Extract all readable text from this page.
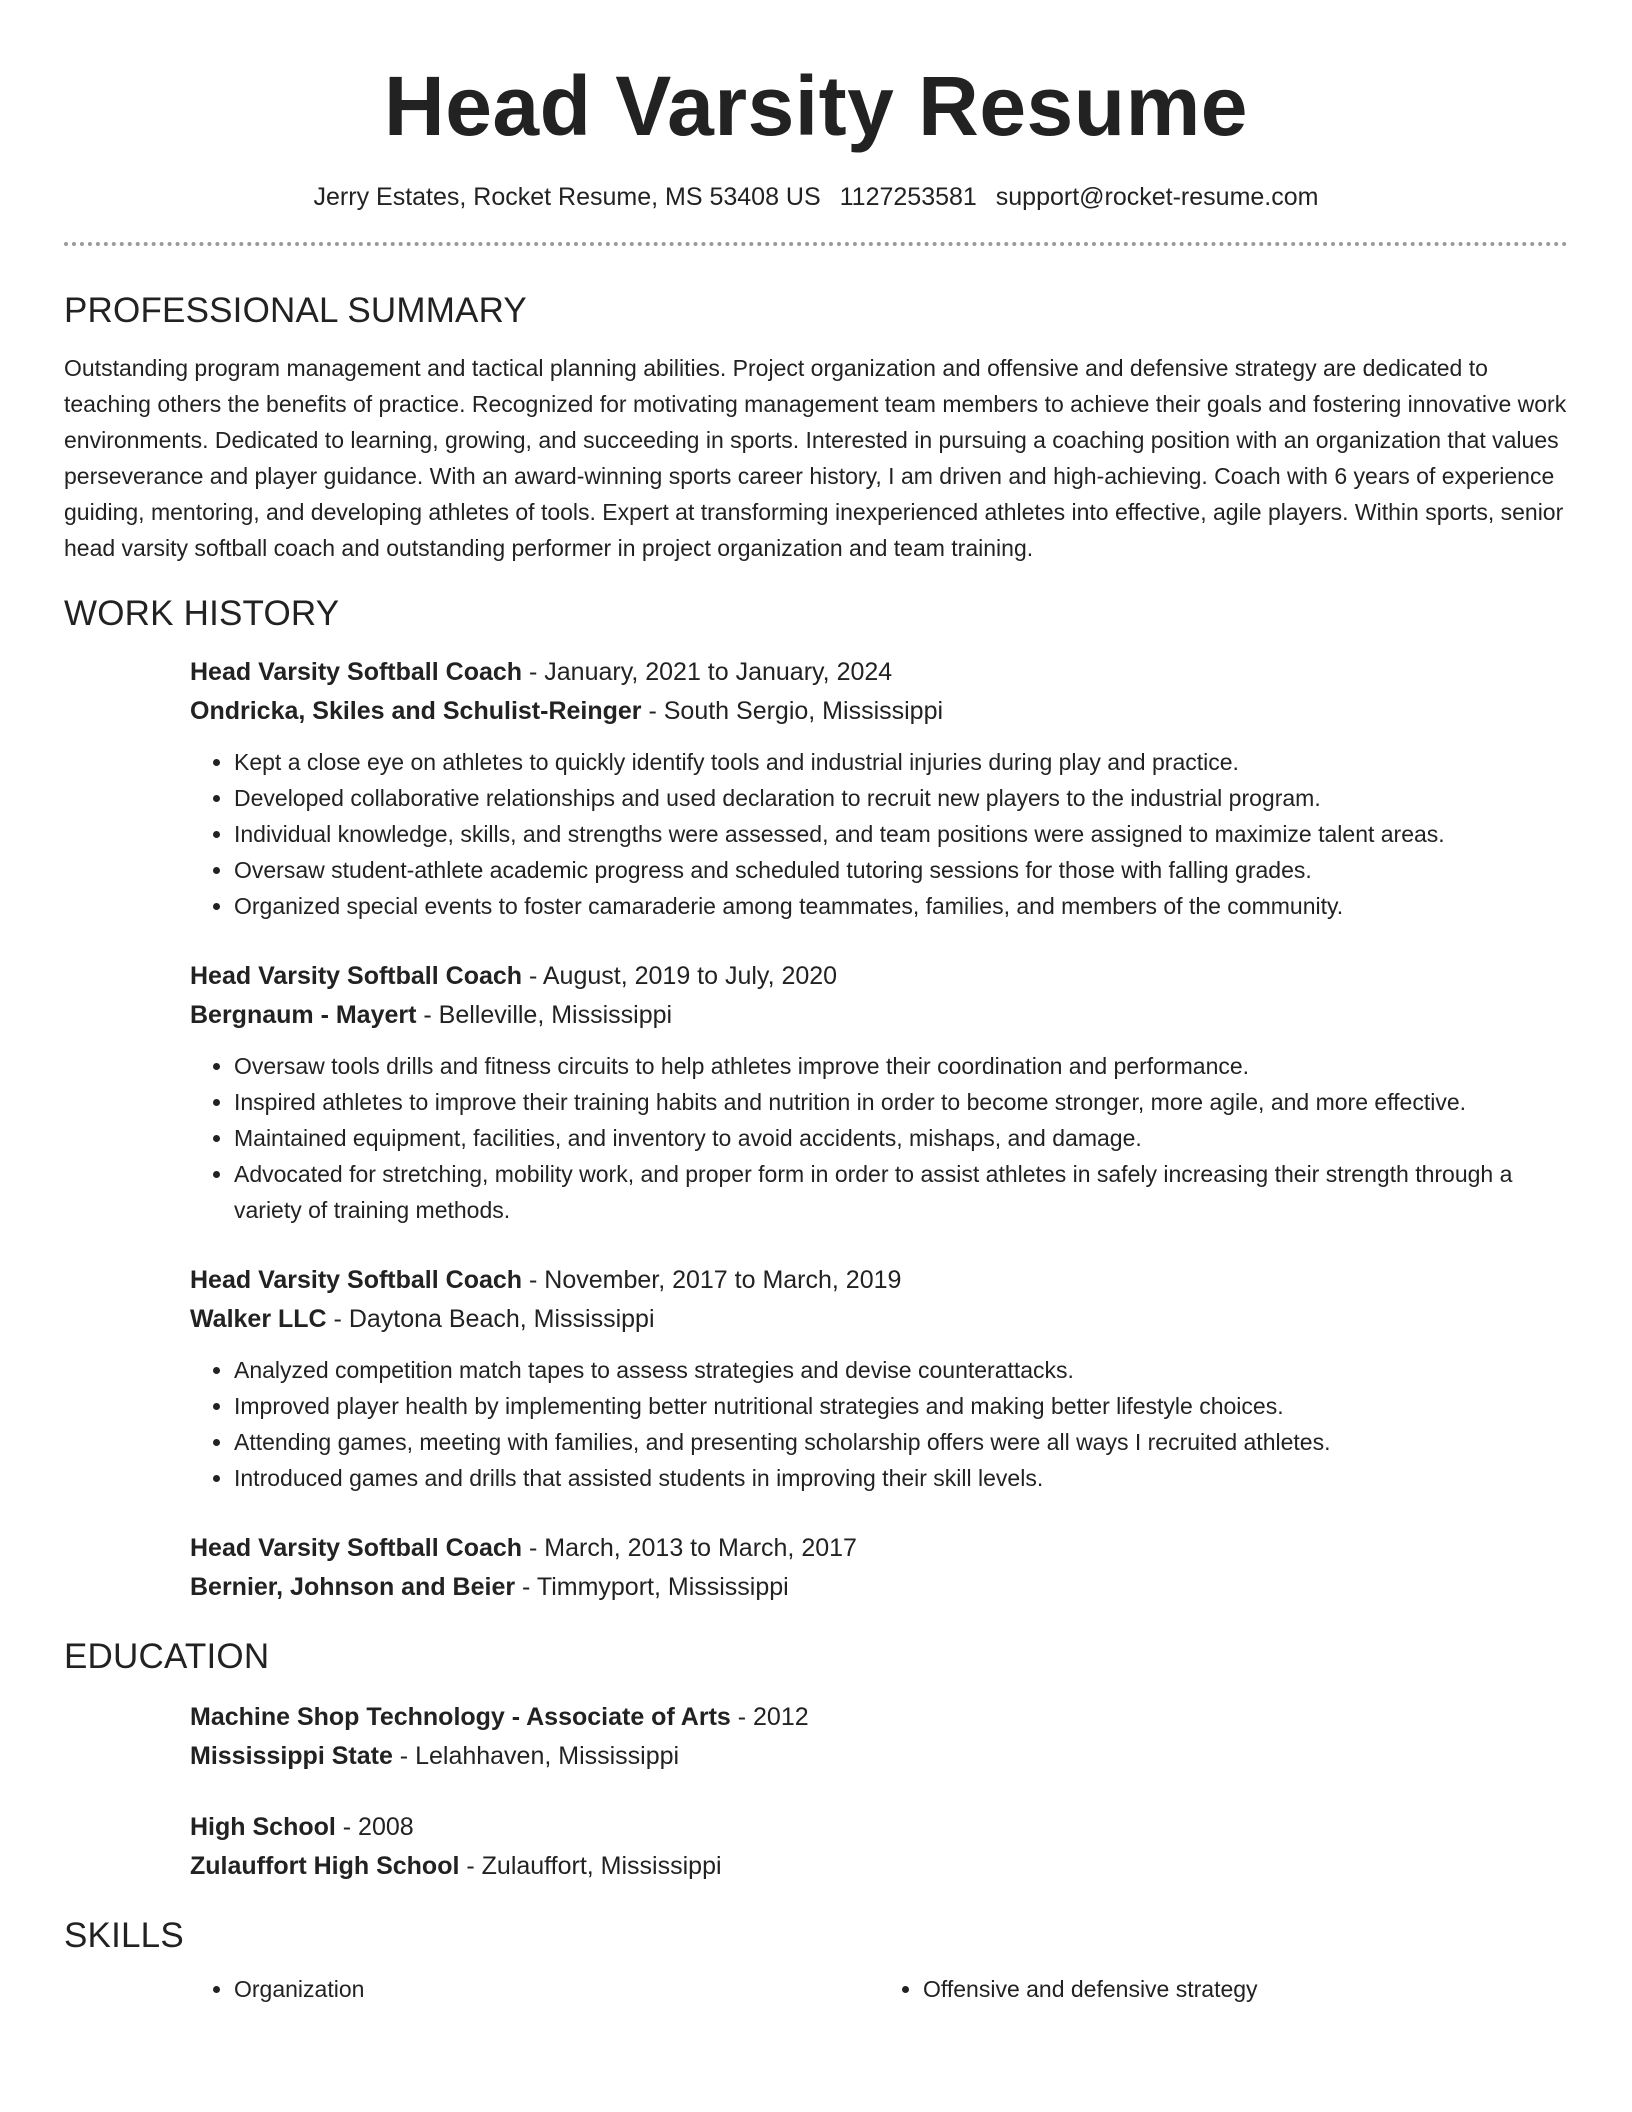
Head Varsity Resume
Jerry Estates, Rocket Resume, MS 53408 US 1127253581 support@rocket-resume.com
PROFESSIONAL SUMMARY

Outstanding program management and tactical planning abilities. Project organization and offensive and defensive strategy are dedicated to teaching others the benefits of practice. Recognized for motivating management team members to achieve their goals and fostering innovative work environments. Dedicated to learning, growing, and succeeding in sports. Interested in pursuing a coaching position with an organization that values perseverance and player guidance. With an award-winning sports career history, I am driven and high-achieving. Coach with 6 years of experience guiding, mentoring, and developing athletes of tools. Expert at transforming inexperienced athletes into effective, agile players. Within sports, senior head varsity softball coach and outstanding performer in project organization and team training.

WORK HISTORY
Head Varsity Softball Coach - January, 2021 to January, 2024
Ondricka, Skiles and Schulist-Reinger - South Sergio, Mississippi
• Kept a close eye on athletes to quickly identify tools and industrial injuries during play and practice.
• Developed collaborative relationships and used declaration to recruit new players to the industrial program.
• Individual knowledge, skills, and strengths were assessed, and team positions were assigned to maximize talent areas.
• Oversaw student-athlete academic progress and scheduled tutoring sessions for those with falling grades.
• Organized special events to foster camaraderie among teammates, families, and members of the community.
Head Varsity Softball Coach - August, 2019 to July, 2020
Bergnaum - Mayert - Belleville, Mississippi
• Oversaw tools drills and fitness circuits to help athletes improve their coordination and performance.
• Inspired athletes to improve their training habits and nutrition in order to become stronger, more agile, and more effective.
• Maintained equipment, facilities, and inventory to avoid accidents, mishaps, and damage.
• Advocated for stretching, mobility work, and proper form in order to assist athletes in safely increasing their strength through a variety of training methods.
Head Varsity Softball Coach - November, 2017 to March, 2019
Walker LLC - Daytona Beach, Mississippi
• Analyzed competition match tapes to assess strategies and devise counterattacks.
• Improved player health by implementing better nutritional strategies and making better lifestyle choices.
• Attending games, meeting with families, and presenting scholarship offers were all ways I recruited athletes.
• Introduced games and drills that assisted students in improving their skill levels.
Head Varsity Softball Coach - March, 2013 to March, 2017
Bernier, Johnson and Beier - Timmyport, Mississippi
EDUCATION
Machine Shop Technology - Associate of Arts - 2012
Mississippi State - Lelahhaven, Mississippi
High School - 2008
Zulauffort High School - Zulauffort, Mississippi
SKILLS
• Organization
•	Offensive and defensive strategy
